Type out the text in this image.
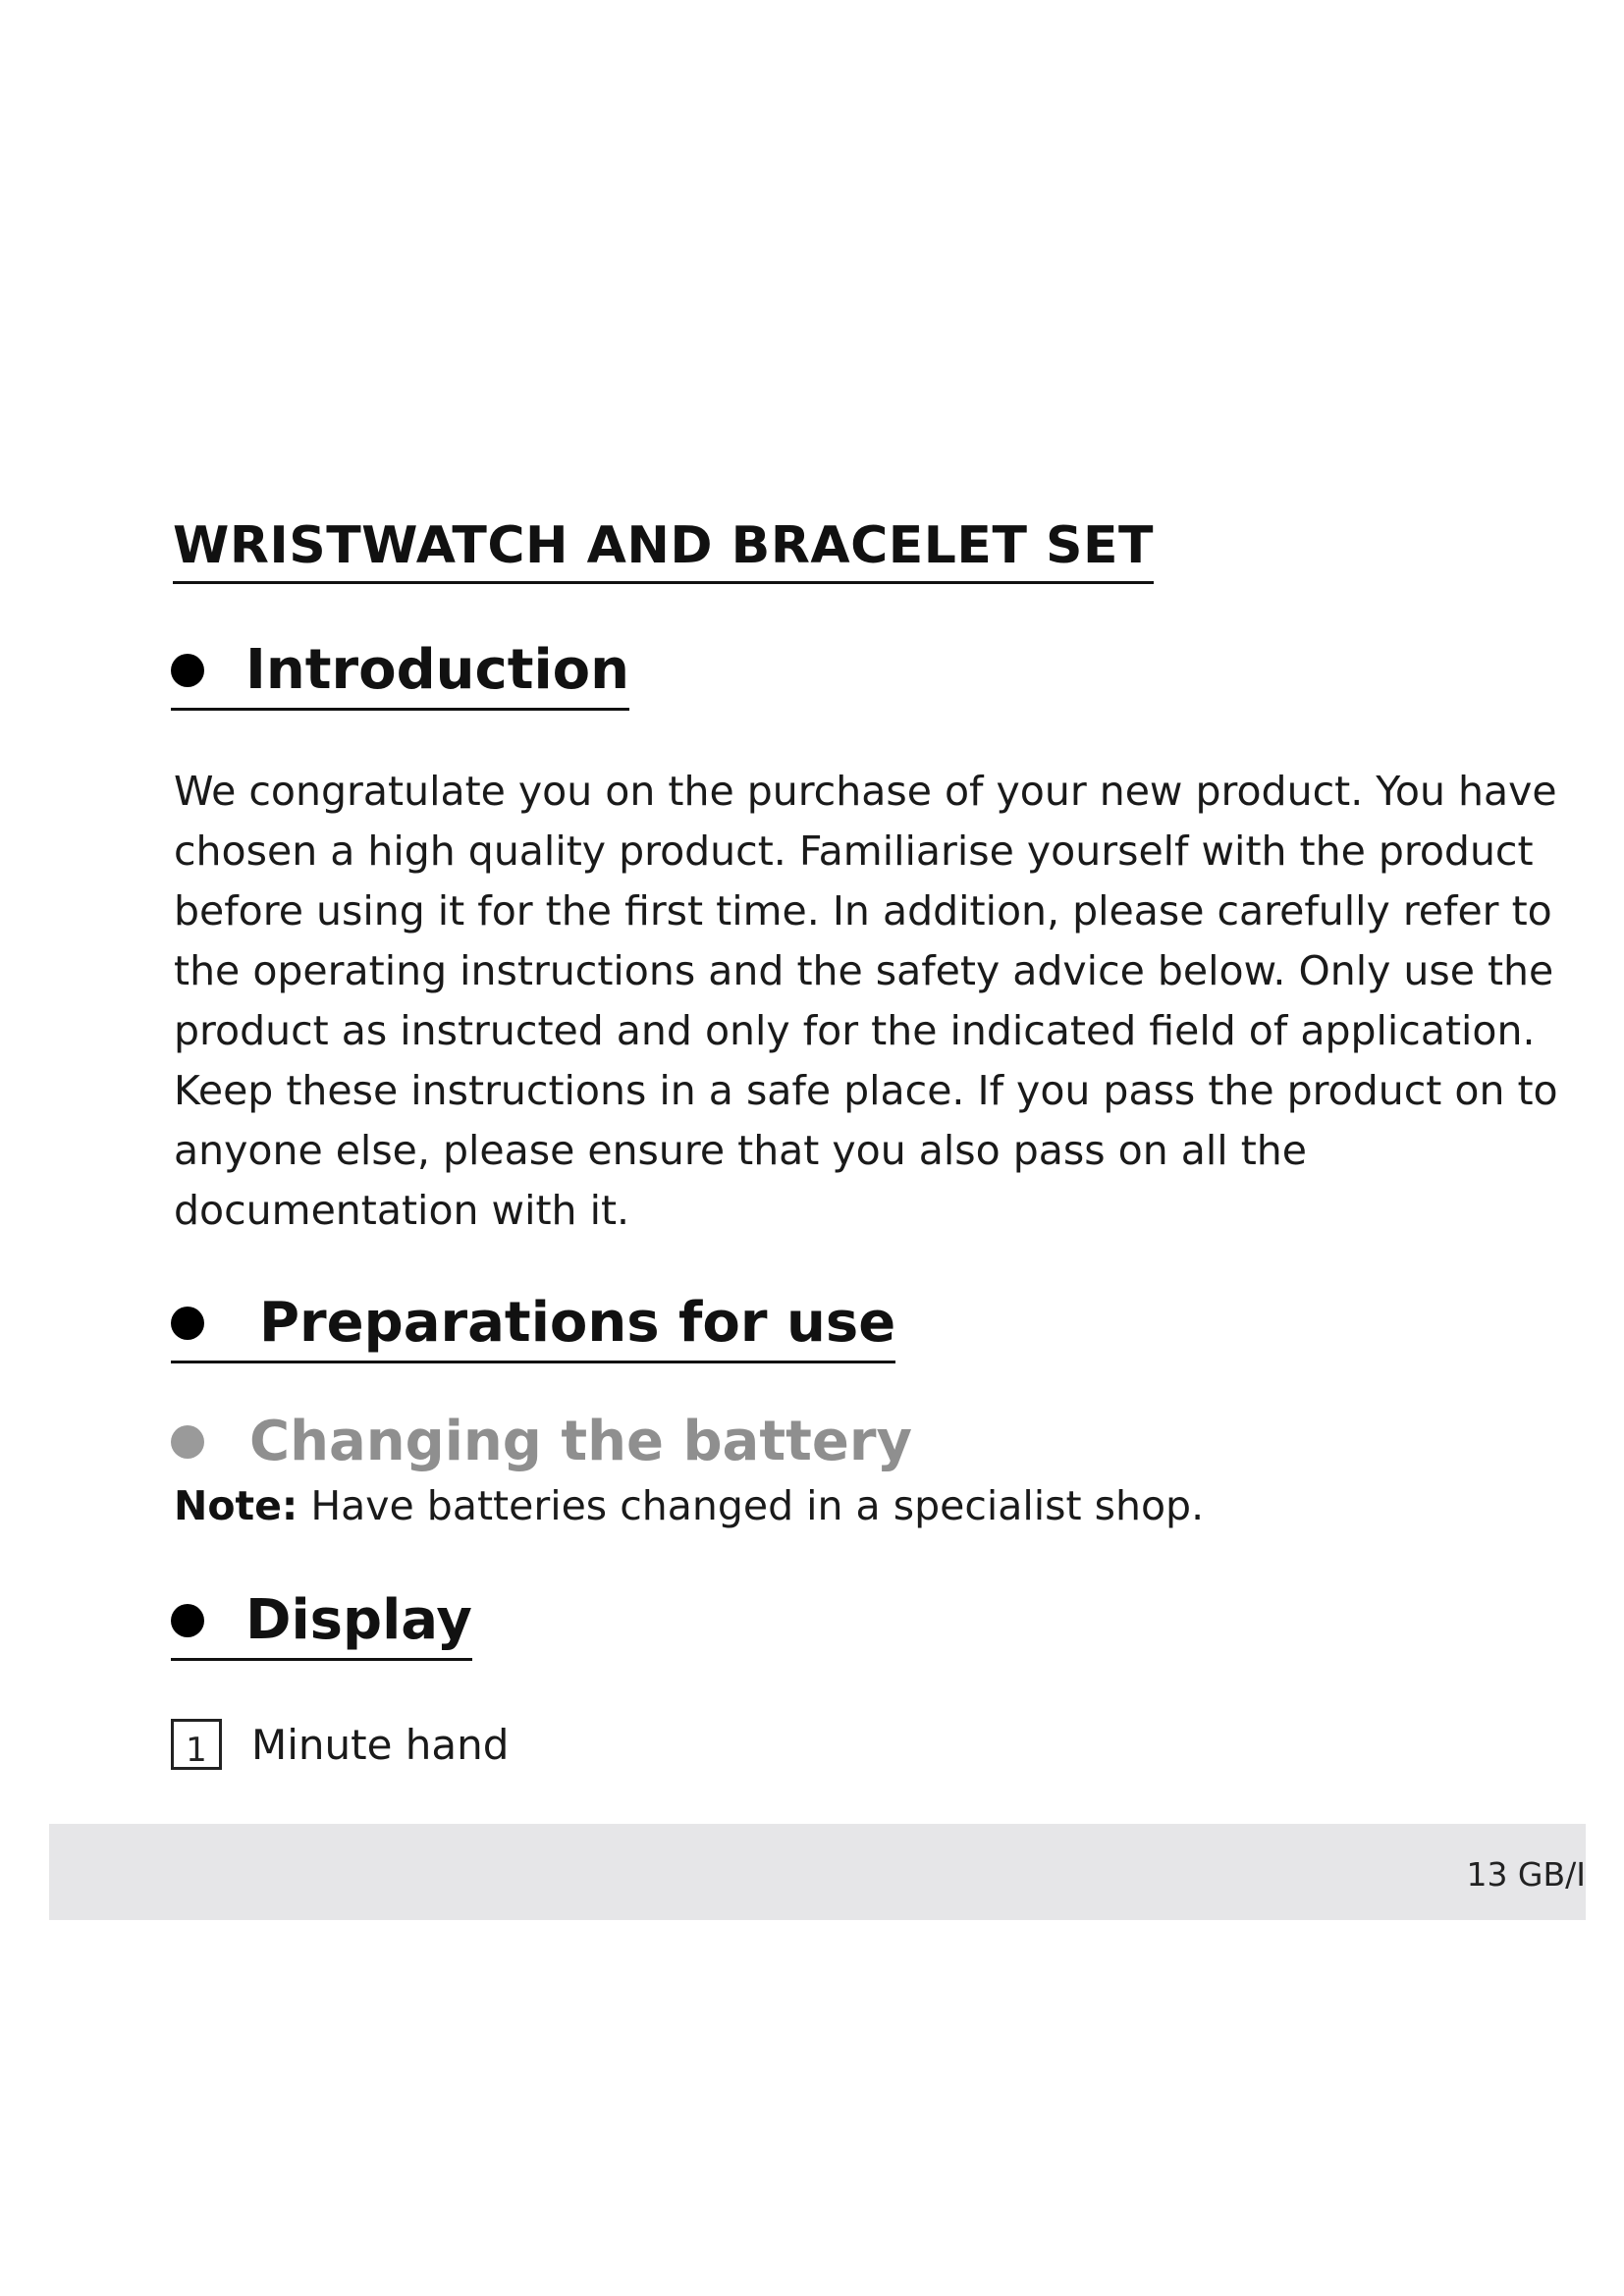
WRISTWATCH AND BRACELET SET
Introduction

We congratulate you on the purchase of your new product. You have
chosen a high quality product. Familiarise yourself with the product
before using it for the first time. In addition, please carefully refer to
the operating instructions and the safety advice below. Only use the
product as instructed and only for the indicated field of application.
Keep these instructions in a safe place. If you pass the product on to
anyone else, please ensure that you also pass on all the
documentation with it.

Preparations for use
Changing the battery

Note: Have batteries changed in a specialist shop.

Display
1	Minute hand
13 GB/I
